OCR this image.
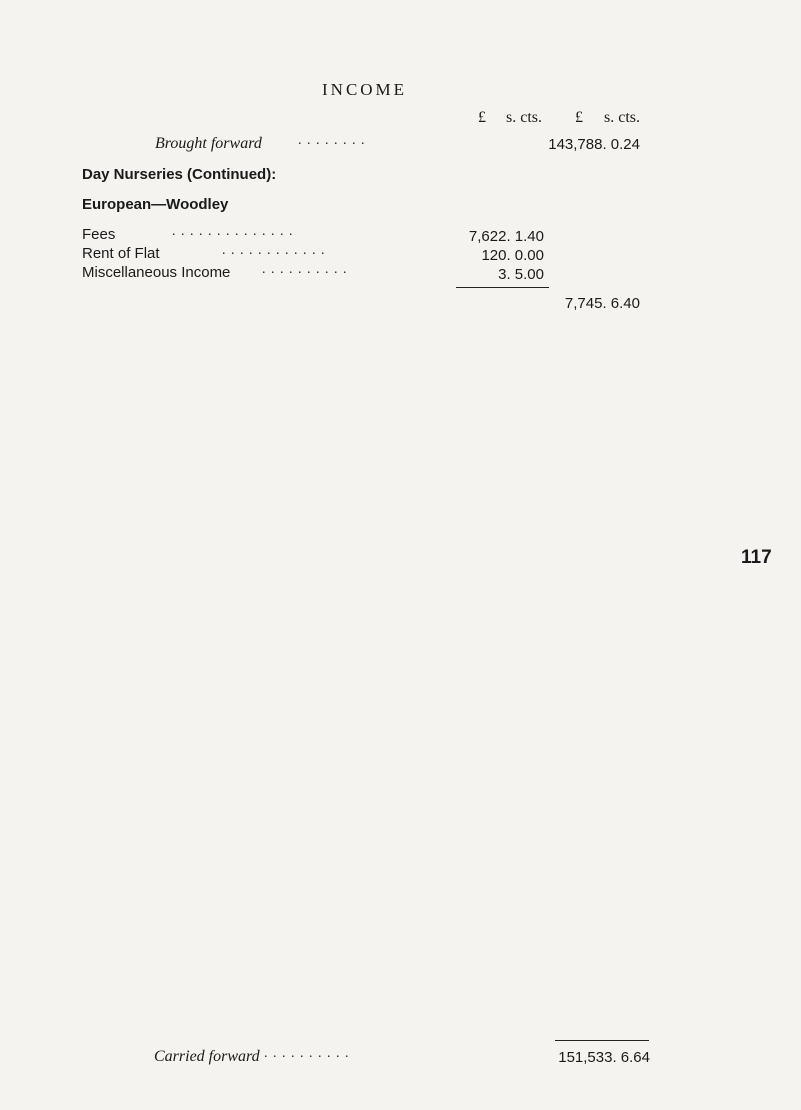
INCOME
£ s. cts. £ s. cts.
Brought forward	. . . . . . . .	143,788. 0.24
Day Nurseries (Continued):
European—Woodley
Fees	. . . . . . . . . . . . . .	7,622. 1.40
Rent of Flat	. . . . . . . . . . . .	120. 0.00
Miscellaneous Income . . . . . . . . . .	3. 5.00
7,745. 6.40
117
Carried forward . . . . . . . . . .	151,533. 6.64
